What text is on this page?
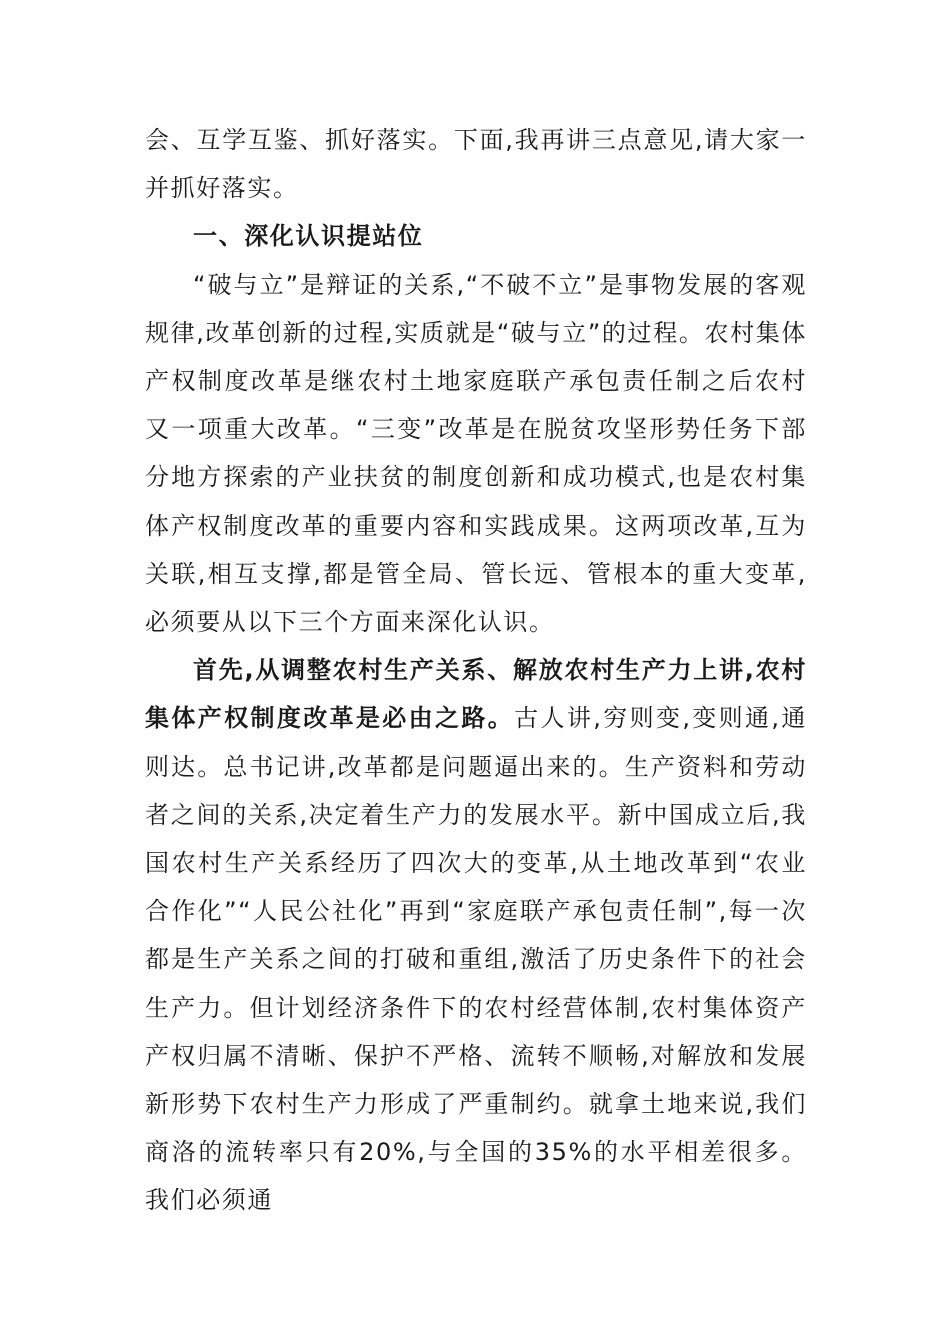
会、互学互鉴、抓好落实。下面,我再讲三点意见,请大家一并抓好落实。

一、深化认识提站位

“破与立”是辩证的关系,“不破不立”是事物发展的客观规律,改革创新的过程,实质就是“破与立”的过程。农村集体产权制度改革是继农村土地家庭联产承包责任制之后农村又一项重大改革。“三变”改革是在脱贫攻坚形势任务下部分地方探索的产业扶贫的制度创新和成功模式,也是农村集体产权制度改革的重要内容和实践成果。这两项改革,互为关联,相互支撑,都是管全局、管长远、管根本的重大变革,必须要从以下三个方面来深化认识。

首先,从调整农村生产关系、解放农村生产力上讲,农村集体产权制度改革是必由之路。古人讲,穷则变,变则通,通则达。总书记讲,改革都是问题逼出来的。生产资料和劳动者之间的关系,决定着生产力的发展水平。新中国成立后,我国农村生产关系经历了四次大的变革,从土地改革到“农业合作化”“人民公社化”再到“家庭联产承包责任制”,每一次都是生产关系之间的打破和重组,激活了历史条件下的社会生产力。但计划经济条件下的农村经营体制,农村集体资产产权归属不清晰、保护不严格、流转不顺畅,对解放和发展新形势下农村生产力形成了严重制约。就拿土地来说,我们商洛的流转率只有20%,与全国的35%的水平相差很多。我们必须通
